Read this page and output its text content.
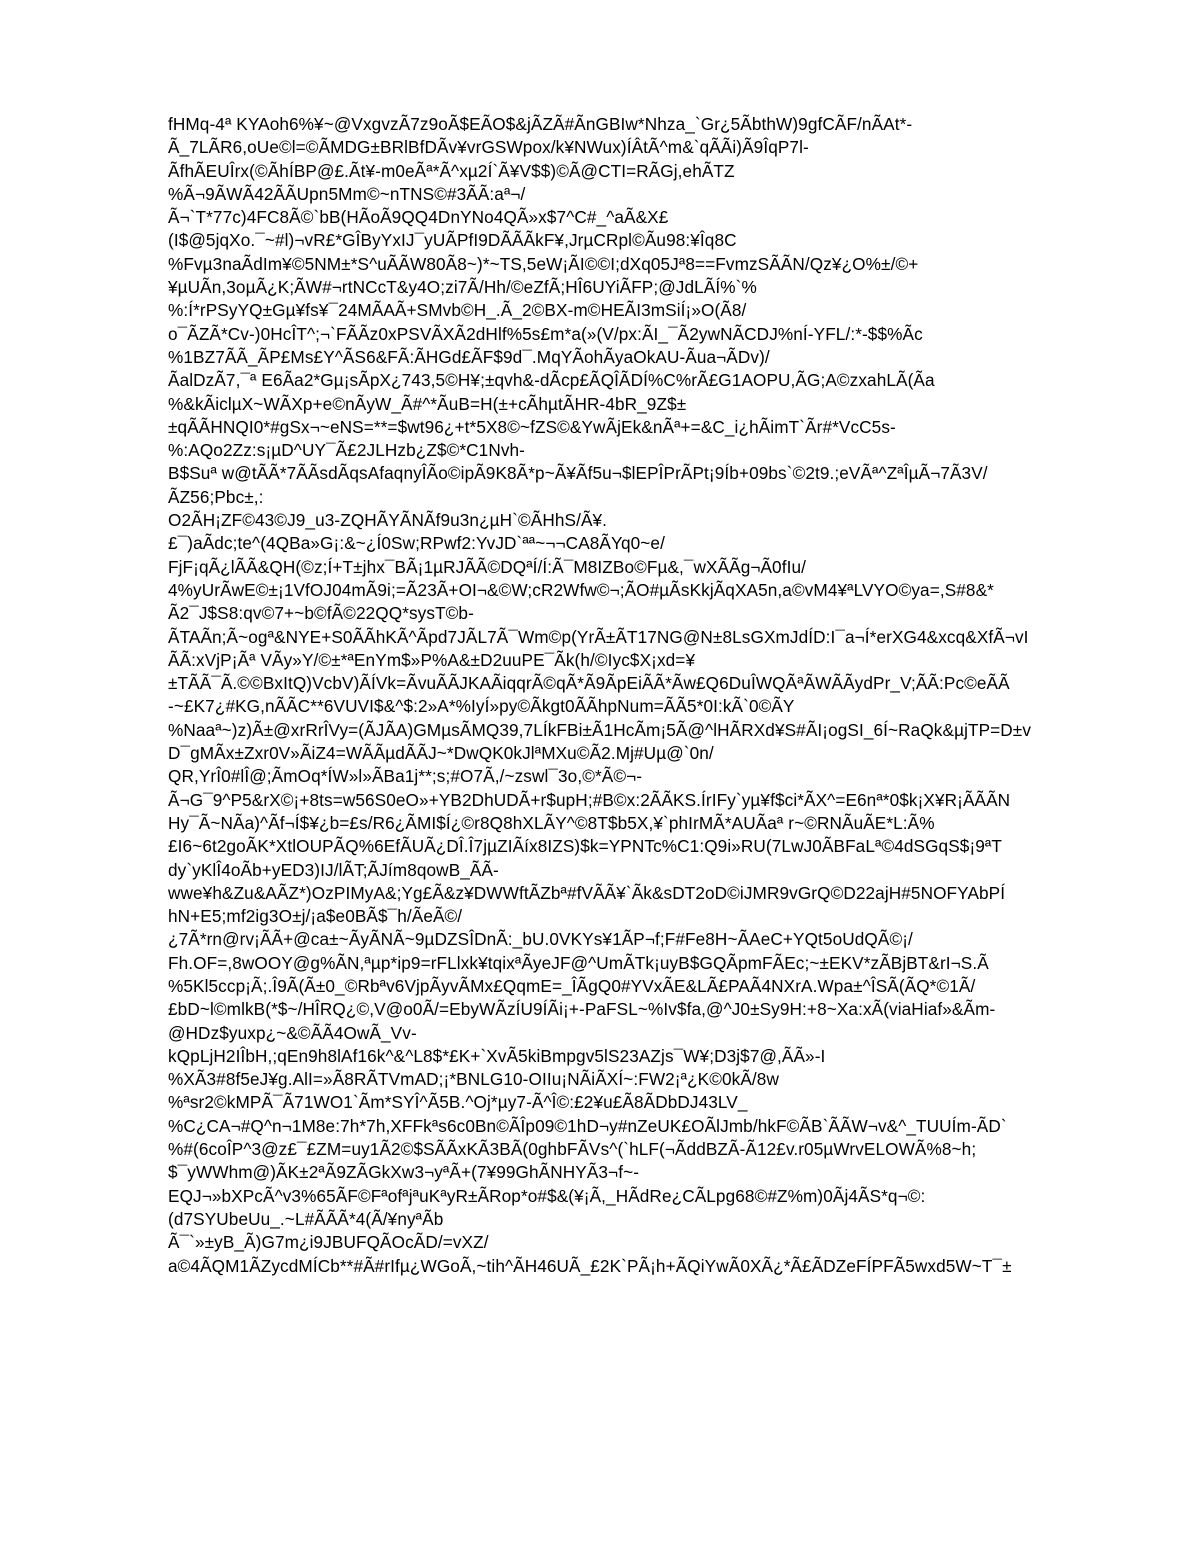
fHMq-4ª KYAoh6%¥~@VxgvzÃ7z9oÃ$EÃO$&jÃZÃ#ÃnGBIw*Nhza_`Gr¿5ÃbthW)9gfCÃF/nÃAt*-
Ã_7LÃR6,oUe©l=©ÃMDG±BRlBfDÃv¥vrGSWpox/k¥NWux)ÍÂtÃ^m&`qÃÃi)Ã9ÎqP7l-
ÃfhÃEUÎrx(©ÃhÍBP@£.Ãt¥-m0eÃª*Ã^xµ2Í`Ã¥V$$)©Ã@CTI=RÃGj,ehÃTZ
%Ã¬9ÃWÃ42ÃÃUpn5Mm©~nTNS©#3ÃÃ:aª¬/
Ã¬`T*77c)4FC8Ã©`bB(HÃoÃ9QQ4DnYNo4QÃ»x$7^C#_^aÃ&X£
(I$@5jqXo.¯~#l)¬vR£*GÎByYxIJ¯yUÃPfI9DÃÃÃkF¥,JrµCRpl©Ãu98:¥Îq8C
%Fvµ3naÃdIm¥©5NM±*S^uÃÃW80Ã8~)*~TS,5eW¡ÃI©©I;dXq05Jª8==FvmzSÃÃN/Qz¥¿O%±/©+
¥µUÃn,3oµÃ¿K;ÃW#¬rtNCcT&y4O;zi7Ã/Hh/©eZfÃ;HÎ6UYiÃFP;@JdLÃÍ%`%
%:Í*rPSyYQ±Gµ¥fs¥¯24MÃAÃ+SMvb©H_.Ã_2©BX-m©HEÃI3mSiÍ¡»O(Ã8/
o¯ÃZÃ*Cv-)0HcÎT^;¬`FÃÃz0xPSVÃXÃ2dHlf%5s£m*a(»(V/px:ÃI_¯Ã2ywNÃCDJ%nÍ-YFL/:*-$$%Ãc
%1BZ7ÃÃ_ÃP£Ms£Y^ÃS6&FÃ:ÃHGd£ÃF$9d¯.MqYÃohÃyaOkAU-Ãua¬ÃDv)/
ÃalDzÃ7,¯ª E6Ãa2*Gµ¡sÃpX¿743,5©H¥;±qvh&-dÃcp£ÃQÎÃDÍ%C%rÃ£G1AOPU,ÃG;A©zxahLÃ(Ãa
%&kÃiclµX~WÃXp+e©nÃyW_Ã#^*ÃuB=H(±+cÃhµtÃHR-4bR_9Z$±
±qÃÃHNQI0*#gSx¬~eNS=**=$wt96¿+t*5X8©~fZS©&YwÃjEk&nÃª+=&C_i¿hÃimT`Ãr#*VcC5s-
%:AQo2Zz:s¡µD^UY¯Ã£2JLHzb¿Z$©*C1Nvh-
B$Suª w@tÃÃ*7ÃÃsdÃqsAfaqnyÎÃo©ipÃ9K8Ã*p~Ã¥Ãf5u¬$lEPÎPrÃPt¡9Íb+09bs`©2t9.;eVÃª^ZªÎµÃ¬7Ã3V/
ÃZ56;Pbc±,:
O2ÃH¡ZF©43©J9_u3-ZQHÃYÃNÃf9u3n¿µH`©ÃHhS/Ã¥.
£¯)aÃdc;te^(4QBa»G¡:&~¿Í0Sw;RPwf2:YvJD`ªª~¬¬CA8ÃYq0~e/
FjF¡qÃ¿lÃÃ&QH(©z;Í+T±jhx¯BÃ¡1µRJÃÃ©DQªÍ/Í:Ã¯M8IZBo©Fµ&,¯wXÃÃg¬Ã0fIu/
4%yUrÃwE©±¡1VfOJ04mÃ9i;=Ã23Ã+OI¬&©W;cR2Wfw©¬;ÃO#µÃsKkjÃqXA5n,a©vM4¥ªLVYO©ya=,S#8&*
Ã2¯J$S8:qv©7+~b©fÃ©22QQ*sysT©b-
ÃTAÃn;Ã~ogª&NYE+S0ÃÃhKÃ^Ãpd7JÃL7Ã¯Wm©p(YrÃ±ÃT17NG@N±8LsGXmJdÍD:I¯a¬Í*erXG4&xcq&XfÃ¬vI
ÃÃ:xVjP¡Ãª VÃy»Y/©±*ªEnYm$»P%A&±D2uuPE¯Ãk(h/©Iyc$X¡xd=¥
±TÃÃ¯Ã.©©BxItQ)VcbV)ÃÍVk=ÃvuÃÃJKAÃiqqrÃ©qÃ*Ã9ÃpEiÃÃ*Ãw£Q6DuÎWQÃªÃWÃÃydPr_V;ÃÃ:Pc©eÃÃ
-~£K7¿#KG,nÃÃC**6VUVI$&^$:2»A*%IyÍ»py©Ãkgt0ÃÃhpNum=ÃÃ5*0I:kÃ`0©ÃY
%Naaª~)z)Ã±@xrRrÎVy=(ÃJÃA)GMµsÃMQ39,7LÍkFBi±Ã1HcÃm¡5Ã@^lHÃRXd¥S#ÃI¡ogSI_6Í~RaQk&µjTP=D±v
D¯gMÃx±Zxr0V»ÃiZ4=WÃÃµdÃÃJ~*DwQK0kJlªMXu©Ã2.Mj#Uµ@`0n/
QR,YrÎ0#lÎ@;ÃmOq*ÍW»l»ÃBa1j**;s;#O7Ã,/~zswl¯3o,©*Ã©¬-
Ã¬G¯9^P5&rX©¡+8ts=w56S0eO»+YB2DhUDÃ+r$upH;#B©x:2ÃÃKS.ÍrIFy`yµ¥f$ci*ÃX^=E6nª*0$k¡X¥R¡ÃÃÃN
Hy¯Ã~NÃa)^Ãf¬Í$¥¿b=£s/R6¿ÃMI$Í¿©r8Q8hXLÃY^©8T$b5X,¥`phIrMÃ*AUÃaª r~©RNÃuÃE*L:Ã%
£I6~6t2goÃK*XtlOUPÃQ%6EfÃUÃ¿DÎ.Î7jµZIÃíx8IZS)$k=YPNTc%C1:Q9i»RU(7LwJ0ÃBFaLª©4dSGqS$¡9ªT
dy`yKlÎ4oÃb+yED3)IJ/lÃT;ÃJím8qowB_ÃÃ-
wwe¥h&Zu&AÃZ*)OzPIMyA&;Yg£Ã&z¥DWWftÃZbª#fVÃÃ¥`Ãk&sDT2oD©iJMR9vGrQ©D22ajH#5NOFYAbPÍ
hN+E5;mf2ig3O±j/¡a$e0BÃ$¯h/ÃeÃ©/
¿7Ã*rn@rv¡ÃÃ+@ca±~ÃyÃNÃ~9µDZSÎDnÃ:_bU.0VKYs¥1ÃP¬f;F#Fe8H~ÃAeC+YQt5oUdQÃ©¡/
Fh.OF=,8wOOY@g%ÃN,ªµp*ip9=rFLlxk¥tqixªÃyeJF@^UmÃTk¡uyB$GQÃpmFÃEc;~±EKV*zÃBjBT&rI¬S.Ã
%5Kl5ccp¡Ã;.Î9Ã(Ã±0_©Rbªv6VjpÃyvÃMx£QqmE=_ÎÃgQ0#YVxÃE&LÃ£PAÃ4NXrA.Wpa±^ÎSÃ(ÃQ*©1Ã/
£bD~l©mlkB(*$~/HÎRQ¿©,V@o0Ã/=EbyWÃzÍU9ÍÃi¡+-PaFSL~%Iv$fa,@^J0±Sy9H:+8~Xa:xÃ(viaHiaf»&Ãm-
@HDz$yuxp¿~&©ÃÃ4OwÃ_Vv-
kQpLjH2IÎbH,;qEn9h8lAf16k^&^L8$*£K+`XvÃ5kiBmpgv5lS23AZjs¯W¥;D3j$7@,ÃÃ»-I
%XÃ3#8f5eJ¥g.AlI=»Ã8RÃTVmAD;¡*BNLG10-OIIu¡NÃiÃXÍ~:FW2¡ª¿K©0kÃ/8w
%ªsr2©kMPÃ¯Ã71WO1`Ãm*SYÎ^Ã5B.^Oj*µy7-Ã^Î©:£2¥u£Ã8ÃDbDJ43LV_
%C¿CA¬#Q^n¬1M8e:7h*7h,XFFkªs6c0Bn©ÃÎp09©1hD¬y#nZeUK£OÃlJmb/hkF©ÃB`ÃÃW¬v&^_TUUÍm-ÃD`
%#(6coÎP^3@z£¯£ZM=uy1Ã2©$SÃÃxKÃ3BÃ(0ghbFÃVs^(`hLF(¬ÃddBZÃ-Ã12£v.r05µWrvELOWÃ%8~h;
$¯yWWhm@)ÃK±2ªÃ9ZÃGkXw3¬yªÃ+(7¥99GhÃNHYÃ3¬f~-
EQJ¬»bXPcÃ^v3%65ÃF©FªofªjªuKªyR±ÃRop*o#$&(¥¡Ã,_HÃdRe¿CÃLpg68©#Z%m)0Ãj4ÃS*q¬©:
(d7SYUbeUu_.~L#ÃÃÃ*4(Ã/¥nyªÃb
Ã¯`»±yB_Ã)G7m¿i9JBUFQÃOcÃD/=vXZ/
a©4ÃQM1ÃZycdMÍCb**#Ã#rIfµ¿WGoÃ,~tih^ÃH46UÃ_£2K`PÃ¡h+ÃQiYwÃ0XÃ¿*Ã£ÃDZeFÍPFÃ5wxd5W~T¯±
